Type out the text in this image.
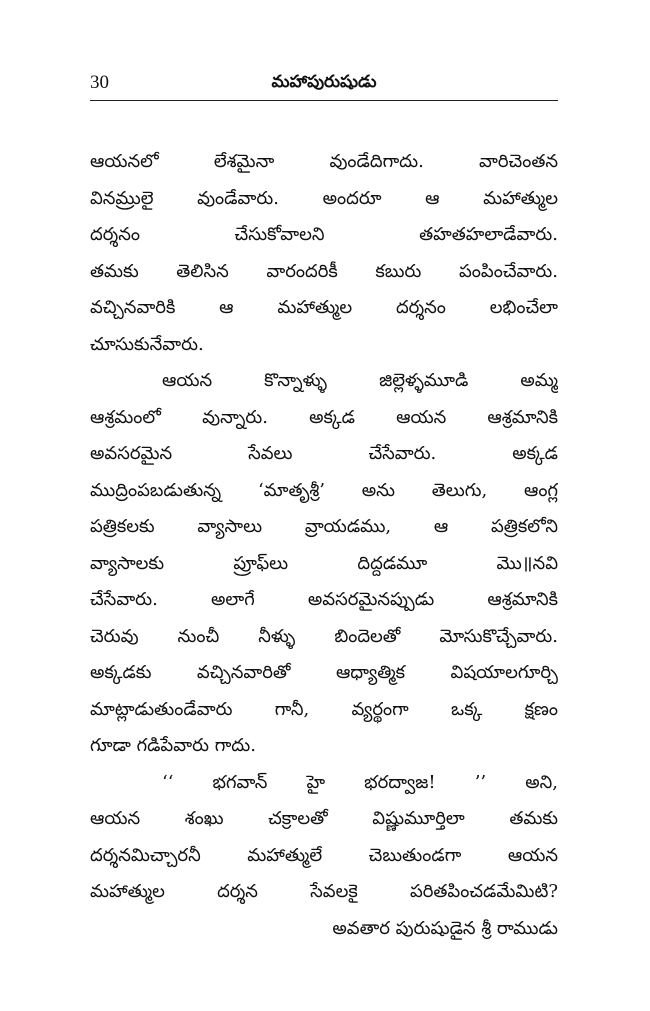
30	మహాపురుషుడు
ఆయనలో లేశమైనా వుండేదిగాదు. వారిచెంతన
వినమ్రులై వుండేవారు. అందరూ ఆ మహాత్ముల
దర్శనం చేసుకోవాలని తహతహలాడేవారు.
తమకు తెలిసిన వారందరికీ కబురు పంపించేవారు.
వచ్చినవారికి ఆ మహాత్ముల దర్శనం లభించేలా
చూసుకునేవారు.
ఆయన కొన్నాళ్ళు జిల్లెళ్ళమూడి అమ్మ
ఆశ్రమంలో వున్నారు. అక్కడ ఆయన ఆశ్రమానికి
అవసరమైన సేవలు చేసేవారు. అక్కడ
ముద్రింపబడుతున్న ‘మాతృశ్రీ’ అను తెలుగు, ఆంగ్ల
పత్రికలకు వ్యాసాలు వ్రాయడము, ఆ పత్రికలోని
వ్యాసాలకు ప్రూఫ్‌లు దిద్దడమూ మొ॥నవి
చేసేవారు. అలాగే అవసరమైనప్పుడు ఆశ్రమానికి
చెరువు నుంచీ నీళ్ళు బిందెలతో మోసుకొచ్చేవారు.
అక్కడకు వచ్చినవారితో ఆధ్యాత్మిక విషయాలగూర్చి
మాట్లాడుతుండేవారు గానీ, వ్యర్థంగా ఒక్క క్షణం
గూడా గడిపేవారు గాదు.
‘‘ భగవాన్ హై భరద్వాజ! ’’ అని,
ఆయన శంఖు చక్రాలతో విష్ణుమూర్తిలా తమకు
దర్శనమిచ్చారనీ మహాత్ములే చెబుతుండగా ఆయన
మహాత్ముల దర్శన సేవలకై పరితపించడమేమిటి?
అవతార పురుషుడైన శ్రీ రాముడు
